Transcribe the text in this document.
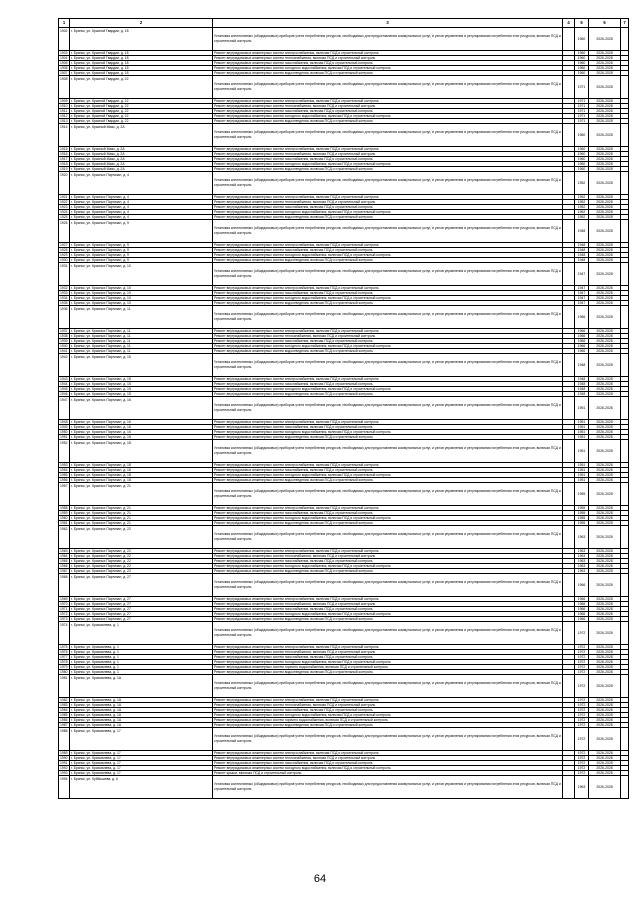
1	2	3	4	5	6	7
1902	г. Брянск, ул. Красной Гвардии, д. 18	Установка коллективных (общедомовых) приборов учета потребления ресурсов, необходимых для предоставления коммунальных услуг, и узлов управления и регулирования потребления этих ресурсов, включая ПСД и строительный контроль		1960	2026-2028	
1903	г. Брянск, ул. Красной Гвардии, д. 18	Ремонт внутридомовых инженерных систем электроснабжения, включая ПСД и строительный контроль		1960	2026-2028	
1904	г. Брянск, ул. Красной Гвардии, д. 18	Ремонт внутридомовых инженерных систем теплоснабжения, включая ПСД и строительный контроль		1960	2026-2028	
1905	г. Брянск, ул. Красной Гвардии, д. 18	Ремонт внутридомовых инженерных систем газоснабжения, включая ПСД и строительный контроль		1960	2026-2028	
1906	г. Брянск, ул. Красной Гвардии, д. 18	Ремонт внутридомовых инженерных систем холодного водоснабжения, включая ПСД и строительный контроль		1960	2026-2028	
1907	г. Брянск, ул. Красной Гвардии, д. 18	Ремонт внутридомовых инженерных систем водоотведения, включая ПСД и строительный контроль		1960	2026-2028	
1908	г. Брянск, ул. Красной Гвардии, д. 22	Установка коллективных (общедомовых) приборов учета потребления ресурсов, необходимых для предоставления коммунальных услуг, и узлов управления и регулирования потребления этих ресурсов, включая ПСД и строительный контроль		1971	2026-2028	
1909	г. Брянск, ул. Красной Гвардии, д. 22	Ремонт внутридомовых инженерных систем электроснабжения, включая ПСД и строительный контроль		1971	2026-2028	
1910	г. Брянск, ул. Красной Гвардии, д. 22	Ремонт внутридомовых инженерных систем теплоснабжения, включая ПСД и строительный контроль		1971	2026-2028	
1911	г. Брянск, ул. Красной Гвардии, д. 22	Ремонт внутридомовых инженерных систем газоснабжения, включая ПСД и строительный контроль		1971	2026-2028	
1912	г. Брянск, ул. Красной Гвардии, д. 22	Ремонт внутридомовых инженерных систем холодного водоснабжения, включая ПСД и строительный контроль		1971	2026-2028	
1913	г. Брянск, ул. Красной Гвардии, д. 22	Ремонт внутридомовых инженерных систем водоотведения, включая ПСД и строительный контроль		1971	2026-2028	
1914	г. Брянск, ул. Красный Маяк, д. 2А	Установка коллективных (общедомовых) приборов учета потребления ресурсов, необходимых для предоставления коммунальных услуг, и узлов управления и регулирования потребления этих ресурсов, включая ПСД и строительный контроль		1960	2026-2028	
1915	г. Брянск, ул. Красный Маяк, д. 2А	Ремонт внутридомовых инженерных систем электроснабжения, включая ПСД и строительный контроль		1960	2026-2028	
1916	г. Брянск, ул. Красный Маяк, д. 2А	Ремонт внутридомовых инженерных систем теплоснабжения, включая ПСД и строительный контроль		1960	2026-2028	
1917	г. Брянск, ул. Красный Маяк, д. 2А	Ремонт внутридомовых инженерных систем газоснабжения, включая ПСД и строительный контроль		1960	2026-2028	
1918	г. Брянск, ул. Красный Маяк, д. 2А	Ремонт внутридомовых инженерных систем холодного водоснабжения, включая ПСД и строительный контроль		1960	2026-2028	
1919	г. Брянск, ул. Красный Маяк, д. 2А	Ремонт внутридомовых инженерных систем водоотведения, включая ПСД и строительный контроль		1960	2026-2028	
1920	г. Брянск, ул. Красных Партизан, д. 4	Установка коллективных (общедомовых) приборов учета потребления ресурсов, необходимых для предоставления коммунальных услуг, и узлов управления и регулирования потребления этих ресурсов, включая ПСД и строительный контроль		1952	2026-2028	
1921	г. Брянск, ул. Красных Партизан, д. 4	Ремонт внутридомовых инженерных систем электроснабжения, включая ПСД и строительный контроль		1952	2026-2028	
1922	г. Брянск, ул. Красных Партизан, д. 4	Ремонт внутридомовых инженерных систем теплоснабжения, включая ПСД и строительный контроль		1952	2026-2028	
1923	г. Брянск, ул. Красных Партизан, д. 4	Ремонт внутридомовых инженерных систем газоснабжения, включая ПСД и строительный контроль		1952	2026-2028	
1924	г. Брянск, ул. Красных Партизан, д. 4	Ремонт внутридомовых инженерных систем холодного водоснабжения, включая ПСД и строительный контроль		1952	2026-2028	
1925	г. Брянск, ул. Красных Партизан, д. 4	Ремонт внутридомовых инженерных систем водоотведения, включая ПСД и строительный контроль		1952	2026-2028	
1926	г. Брянск, ул. Красных Партизан, д. 9	Установка коллективных (общедомовых) приборов учета потребления ресурсов, необходимых для предоставления коммунальных услуг, и узлов управления и регулирования потребления этих ресурсов, включая ПСД и строительный контроль		1948	2026-2028	
1927	г. Брянск, ул. Красных Партизан, д. 9	Ремонт внутридомовых инженерных систем электроснабжения, включая ПСД и строительный контроль		1948	2026-2028	
1928	г. Брянск, ул. Красных Партизан, д. 9	Ремонт внутридомовых инженерных систем газоснабжения, включая ПСД и строительный контроль		1948	2026-2028	
1929	г. Брянск, ул. Красных Партизан, д. 9	Ремонт внутридомовых инженерных систем холодного водоснабжения, включая ПСД и строительный контроль		1948	2026-2028	
1930	г. Брянск, ул. Красных Партизан, д. 9	Ремонт внутридомовых инженерных систем водоотведения, включая ПСД и строительный контроль		1948	2026-2028	
1931	г. Брянск, ул. Красных Партизан, д. 10	Установка коллективных (общедомовых) приборов учета потребления ресурсов, необходимых для предоставления коммунальных услуг, и узлов управления и регулирования потребления этих ресурсов, включая ПСД и строительный контроль		1947	2026-2028	
1932	г. Брянск, ул. Красных Партизан, д. 10	Ремонт внутридомовых инженерных систем электроснабжения, включая ПСД и строительный контроль		1947	2026-2028	
1933	г. Брянск, ул. Красных Партизан, д. 10	Ремонт внутридомовых инженерных систем газоснабжения, включая ПСД и строительный контроль		1947	2026-2028	
1934	г. Брянск, ул. Красных Партизан, д. 10	Ремонт внутридомовых инженерных систем холодного водоснабжения, включая ПСД и строительный контроль		1947	2026-2028	
1935	г. Брянск, ул. Красных Партизан, д. 10	Ремонт внутридомовых инженерных систем водоотведения, включая ПСД и строительный контроль		1947	2026-2028	
1936	г. Брянск, ул. Красных Партизан, д. 11	Установка коллективных (общедомовых) приборов учета потребления ресурсов, необходимых для предоставления коммунальных услуг, и узлов управления и регулирования потребления этих ресурсов, включая ПСД и строительный контроль		1966	2026-2028	
1937	г. Брянск, ул. Красных Партизан, д. 11	Ремонт внутридомовых инженерных систем электроснабжения, включая ПСД и строительный контроль		1966	2026-2028	
1938	г. Брянск, ул. Красных Партизан, д. 11	Ремонт внутридомовых инженерных систем теплоснабжения, включая ПСД и строительный контроль		1966	2026-2028	
1939	г. Брянск, ул. Красных Партизан, д. 11	Ремонт внутридомовых инженерных систем газоснабжения, включая ПСД и строительный контроль		1966	2026-2028	
1940	г. Брянск, ул. Красных Партизан, д. 11	Ремонт внутридомовых инженерных систем холодного водоснабжения, включая ПСД и строительный контроль		1966	2026-2028	
1941	г. Брянск, ул. Красных Партизан, д. 11	Ремонт внутридомовых инженерных систем водоотведения, включая ПСД и строительный контроль		1966	2026-2028	
1942	г. Брянск, ул. Красных Партизан, д. 15	Установка коллективных (общедомовых) приборов учета потребления ресурсов, необходимых для предоставления коммунальных услуг, и узлов управления и регулирования потребления этих ресурсов, включая ПСД и строительный контроль		1948	2026-2028	
1943	г. Брянск, ул. Красных Партизан, д. 15	Ремонт внутридомовых инженерных систем электроснабжения, включая ПСД и строительный контроль		1948	2026-2028	
1944	г. Брянск, ул. Красных Партизан, д. 15	Ремонт внутридомовых инженерных систем газоснабжения, включая ПСД и строительный контроль		1948	2026-2028	
1945	г. Брянск, ул. Красных Партизан, д. 15	Ремонт внутридомовых инженерных систем холодного водоснабжения, включая ПСД и строительный контроль		1948	2026-2028	
1946	г. Брянск, ул. Красных Партизан, д. 15	Ремонт внутридомовых инженерных систем водоотведения, включая ПСД и строительный контроль		1948	2026-2028	
1947	г. Брянск, ул. Красных Партизан, д. 16	Установка коллективных (общедомовых) приборов учета потребления ресурсов, необходимых для предоставления коммунальных услуг, и узлов управления и регулирования потребления этих ресурсов, включая ПСД и строительный контроль		1951	2026-2028	
1948	г. Брянск, ул. Красных Партизан, д. 16	Ремонт внутридомовых инженерных систем электроснабжения, включая ПСД и строительный контроль		1951	2026-2028	
1949	г. Брянск, ул. Красных Партизан, д. 16	Ремонт внутридомовых инженерных систем газоснабжения, включая ПСД и строительный контроль		1951	2026-2028	
1950	г. Брянск, ул. Красных Партизан, д. 16	Ремонт внутридомовых инженерных систем холодного водоснабжения, включая ПСД и строительный контроль		1951	2026-2028	
1951	г. Брянск, ул. Красных Партизан, д. 16	Ремонт внутридомовых инженерных систем водоотведения, включая ПСД и строительный контроль		1951	2026-2028	
1952	г. Брянск, ул. Красных Партизан, д. 18	Установка коллективных (общедомовых) приборов учета потребления ресурсов, необходимых для предоставления коммунальных услуг, и узлов управления и регулирования потребления этих ресурсов, включая ПСД и строительный контроль		1951	2026-2028	
1953	г. Брянск, ул. Красных Партизан, д. 18	Ремонт внутридомовых инженерных систем электроснабжения, включая ПСД и строительный контроль		1951	2026-2028	
1954	г. Брянск, ул. Красных Партизан, д. 18	Ремонт внутридомовых инженерных систем газоснабжения, включая ПСД и строительный контроль		1951	2026-2028	
1955	г. Брянск, ул. Красных Партизан, д. 18	Ремонт внутридомовых инженерных систем холодного водоснабжения, включая ПСД и строительный контроль		1951	2026-2028	
1956	г. Брянск, ул. Красных Партизан, д. 18	Ремонт внутридомовых инженерных систем водоотведения, включая ПСД и строительный контроль		1951	2026-2028	
1957	г. Брянск, ул. Красных Партизан, д. 21	Установка коллективных (общедомовых) приборов учета потребления ресурсов, необходимых для предоставления коммунальных услуг, и узлов управления и регулирования потребления этих ресурсов, включая ПСД и строительный контроль		1955	2026-2028	
1958	г. Брянск, ул. Красных Партизан, д. 21	Ремонт внутридомовых инженерных систем электроснабжения, включая ПСД и строительный контроль		1955	2026-2028	
1959	г. Брянск, ул. Красных Партизан, д. 21	Ремонт внутридомовых инженерных систем газоснабжения, включая ПСД и строительный контроль		1955	2026-2028	
1960	г. Брянск, ул. Красных Партизан, д. 21	Ремонт внутридомовых инженерных систем холодного водоснабжения, включая ПСД и строительный контроль		1955	2026-2028	
1961	г. Брянск, ул. Красных Партизан, д. 21	Ремонт внутридомовых инженерных систем водоотведения, включая ПСД и строительный контроль		1955	2026-2028	
1962	г. Брянск, ул. Красных Партизан, д. 22	Установка коллективных (общедомовых) приборов учета потребления ресурсов, необходимых для предоставления коммунальных услуг, и узлов управления и регулирования потребления этих ресурсов, включая ПСД и строительный контроль		1963	2026-2028	
1963	г. Брянск, ул. Красных Партизан, д. 22	Ремонт внутридомовых инженерных систем электроснабжения, включая ПСД и строительный контроль		1963	2026-2028	
1964	г. Брянск, ул. Красных Партизан, д. 22	Ремонт внутридомовых инженерных систем теплоснабжения, включая ПСД и строительный контроль		1963	2026-2028	
1965	г. Брянск, ул. Красных Партизан, д. 22	Ремонт внутридомовых инженерных систем газоснабжения, включая ПСД и строительный контроль		1963	2026-2028	
1966	г. Брянск, ул. Красных Партизан, д. 22	Ремонт внутридомовых инженерных систем холодного водоснабжения, включая ПСД и строительный контроль		1963	2026-2028	
1967	г. Брянск, ул. Красных Партизан, д. 22	Ремонт внутридомовых инженерных систем водоотведения, включая ПСД и строительный контроль		1963	2026-2028	
1968	г. Брянск, ул. Красных Партизан, д. 27	Установка коллективных (общедомовых) приборов учета потребления ресурсов, необходимых для предоставления коммунальных услуг, и узлов управления и регулирования потребления этих ресурсов, включая ПСД и строительный контроль		1966	2026-2028	
1969	г. Брянск, ул. Красных Партизан, д. 27	Ремонт внутридомовых инженерных систем электроснабжения, включая ПСД и строительный контроль		1966	2026-2028	
1970	г. Брянск, ул. Красных Партизан, д. 27	Ремонт внутридомовых инженерных систем теплоснабжения, включая ПСД и строительный контроль		1966	2026-2028	
1971	г. Брянск, ул. Красных Партизан, д. 27	Ремонт внутридомовых инженерных систем газоснабжения, включая ПСД и строительный контроль		1966	2026-2028	
1972	г. Брянск, ул. Красных Партизан, д. 27	Ремонт внутридомовых инженерных систем холодного водоснабжения, включая ПСД и строительный контроль		1966	2026-2028	
1973	г. Брянск, ул. Красных Партизан, д. 27	Ремонт внутридомовых инженерных систем водоотведения, включая ПСД и строительный контроль		1966	2026-2028	
1974	г. Брянск, ул. Крахмалева, д. 1	Установка коллективных (общедомовых) приборов учета потребления ресурсов, необходимых для предоставления коммунальных услуг, и узлов управления и регулирования потребления этих ресурсов, включая ПСД и строительный контроль		1972	2026-2028	
1975	г. Брянск, ул. Крахмалева, д. 1	Ремонт внутридомовых инженерных систем электроснабжения, включая ПСД и строительный контроль		1972	2026-2028	
1976	г. Брянск, ул. Крахмалева, д. 1	Ремонт внутридомовых инженерных систем теплоснабжения, включая ПСД и строительный контроль		1972	2026-2028	
1977	г. Брянск, ул. Крахмалева, д. 1	Ремонт внутридомовых инженерных систем газоснабжения, включая ПСД и строительный контроль		1972	2026-2028	
1978	г. Брянск, ул. Крахмалева, д. 1	Ремонт внутридомовых инженерных систем холодного водоснабжения, включая ПСД и строительный контроль		1972	2026-2028	
1979	г. Брянск, ул. Крахмалева, д. 1	Ремонт внутридомовых инженерных систем горячего водоснабжения, включая ПСД и строительный контроль		1972	2026-2028	
1980	г. Брянск, ул. Крахмалева, д. 1	Ремонт внутридомовых инженерных систем водоотведения, включая ПСД и строительный контроль		1972	2026-2028	
1981	г. Брянск, ул. Крахмалева, д. 1А	Установка коллективных (общедомовых) приборов учета потребления ресурсов, необходимых для предоставления коммунальных услуг, и узлов управления и регулирования потребления этих ресурсов, включая ПСД и строительный контроль		1972	2026-2028	
1982	г. Брянск, ул. Крахмалева, д. 1А	Ремонт внутридомовых инженерных систем электроснабжения, включая ПСД и строительный контроль		1972	2026-2028	
1983	г. Брянск, ул. Крахмалева, д. 1А	Ремонт внутридомовых инженерных систем теплоснабжения, включая ПСД и строительный контроль		1972	2026-2028	
1984	г. Брянск, ул. Крахмалева, д. 1А	Ремонт внутридомовых инженерных систем газоснабжения, включая ПСД и строительный контроль		1972	2026-2028	
1985	г. Брянск, ул. Крахмалева, д. 1А	Ремонт внутридомовых инженерных систем холодного водоснабжения, включая ПСД и строительный контроль		1972	2026-2028	
1986	г. Брянск, ул. Крахмалева, д. 1А	Ремонт внутридомовых инженерных систем горячего водоснабжения, включая ПСД и строительный контроль		1972	2026-2028	
1987	г. Брянск, ул. Крахмалева, д. 1А	Ремонт внутридомовых инженерных систем водоотведения, включая ПСД и строительный контроль		1972	2026-2028	
1988	г. Брянск, ул. Крахмалева, д. 17	Установка коллективных (общедомовых) приборов учета потребления ресурсов, необходимых для предоставления коммунальных услуг, и узлов управления и регулирования потребления этих ресурсов, включая ПСД и строительный контроль		1972	2026-2028	
1989	г. Брянск, ул. Крахмалева, д. 17	Ремонт внутридомовых инженерных систем электроснабжения, включая ПСД и строительный контроль		1972	2026-2028	
1990	г. Брянск, ул. Крахмалева, д. 17	Ремонт внутридомовых инженерных систем теплоснабжения, включая ПСД и строительный контроль		1972	2026-2028	
1991	г. Брянск, ул. Крахмалева, д. 17	Ремонт внутридомовых инженерных систем газоснабжения, включая ПСД и строительный контроль		1972	2026-2028	
1992	г. Брянск, ул. Крахмалева, д. 17	Ремонт внутридомовых инженерных систем холодного водоснабжения, включая ПСД и строительный контроль		1972	2026-2028	
1993	г. Брянск, ул. Крахмалева, д. 17	Ремонт крыши, включая ПСД и строительный контроль		1972	2026-2028	
1994	г. Брянск, ул. Куйбышева, д. 6	Установка коллективных (общедомовых) приборов учета потребления ресурсов, необходимых для предоставления коммунальных услуг, и узлов управления и регулирования потребления этих ресурсов, включая ПСД и строительный контроль		1963	2026-2028	
64
